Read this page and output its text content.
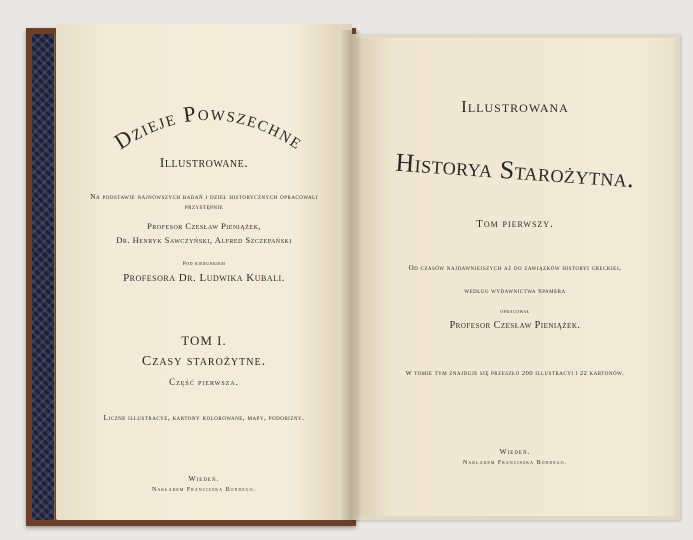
Dzieje Powszechne
Illustrowane.
Na podstawie najnowszych badań i dzieł historycznych opracowali przystępnie
Profesor Czesław Pieniążek,
Dr. Henryk Sawczyński, Alfred Szczepański
Pod kierunkiem
Profesora Dr. Ludwika Kubali.
TOM I.
Czasy starożytne.
Część pierwsza.
Liczne illustracye, kartony kolorowane, mapy, podobizny.
Wiedeń.
Nakładem Franciszka Bondego.
Illustrowana
Historya Starożytna.
Tom pierwszy.
Od czasów najdawniejszych aż do zawiązków historyi greckiej,
według wydawnictwa Spamera
opracował
Profesor Czesław Pieniążek.
W tomie tym znajduje się przeszło 200 illustracyi i 22 kartonów.
Wiedeń.
Nakładem Franciszka Bondego.
